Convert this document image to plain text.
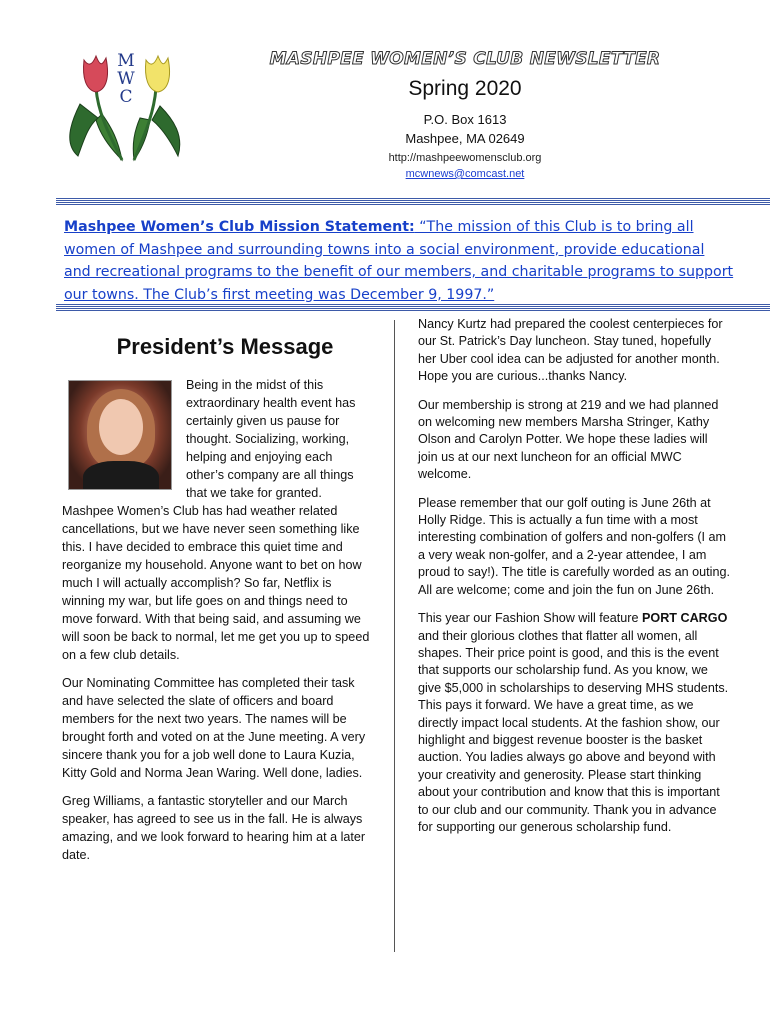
M
W
C
MASHPEE WOMEN’S CLUB NEWSLETTER
Spring 2020
P.O. Box 1613
Mashpee, MA 02649
http://mashpeewomensclub.org
mcwnews@comcast.net
Mashpee Women’s Club Mission Statement: “The mission of this Club is to bring all women of Mashpee and surrounding towns into a social environment, provide educational and recreational programs to the benefit of our members, and charitable programs to support our towns. The Club’s first meeting was December 9, 1997.”
President’s Message

Being in the midst of this extraordinary health event has certainly given us pause for thought. Socializing, working, helping and enjoying each other’s company are all things that we take for granted. Mashpee Women’s Club has had weather related cancellations, but we have never seen something like this. I have decided to embrace this quiet time and reorganize my household. Anyone want to bet on how much I will actually accomplish? So far, Netflix is winning my war, but life goes on and things need to move forward. With that being said, and assuming we will soon be back to normal, let me get you up to speed on a few club details.

Our Nominating Committee has completed their task and have selected the slate of officers and board members for the next two years. The names will be brought forth and voted on at the June meeting. A very sincere thank you for a job well done to Laura Kuzia, Kitty Gold and Norma Jean Waring. Well done, ladies.

Greg Williams, a fantastic storyteller and our March speaker, has agreed to see us in the fall. He is always amazing, and we look forward to hearing him at a later date.

Nancy Kurtz had prepared the coolest centerpieces for our St. Patrick’s Day luncheon. Stay tuned, hopefully her Uber cool idea can be adjusted for another month. Hope you are curious...thanks Nancy.

Our membership is strong at 219 and we had planned on welcoming new members Marsha Stringer, Kathy Olson and Carolyn Potter. We hope these ladies will join us at our next luncheon for an official MWC welcome.

Please remember that our golf outing is June 26th at Holly Ridge. This is actually a fun time with a most interesting combination of golfers and non-golfers (I am a very weak non-golfer, and a 2-year attendee, I am proud to say!). The title is carefully worded as an outing. All are welcome; come and join the fun on June 26th.

This year our Fashion Show will feature PORT CARGO and their glorious clothes that flatter all women, all shapes. Their price point is good, and this is the event that supports our scholarship fund. As you know, we give $5,000 in scholarships to deserving MHS students. This pays it forward. We have a great time, as we directly impact local students. At the fashion show, our highlight and biggest revenue booster is the basket auction. You ladies always go above and beyond with your creativity and generosity. Please start thinking about your contribution and know that this is important to our club and our community. Thank you in advance for supporting our generous scholarship fund.
